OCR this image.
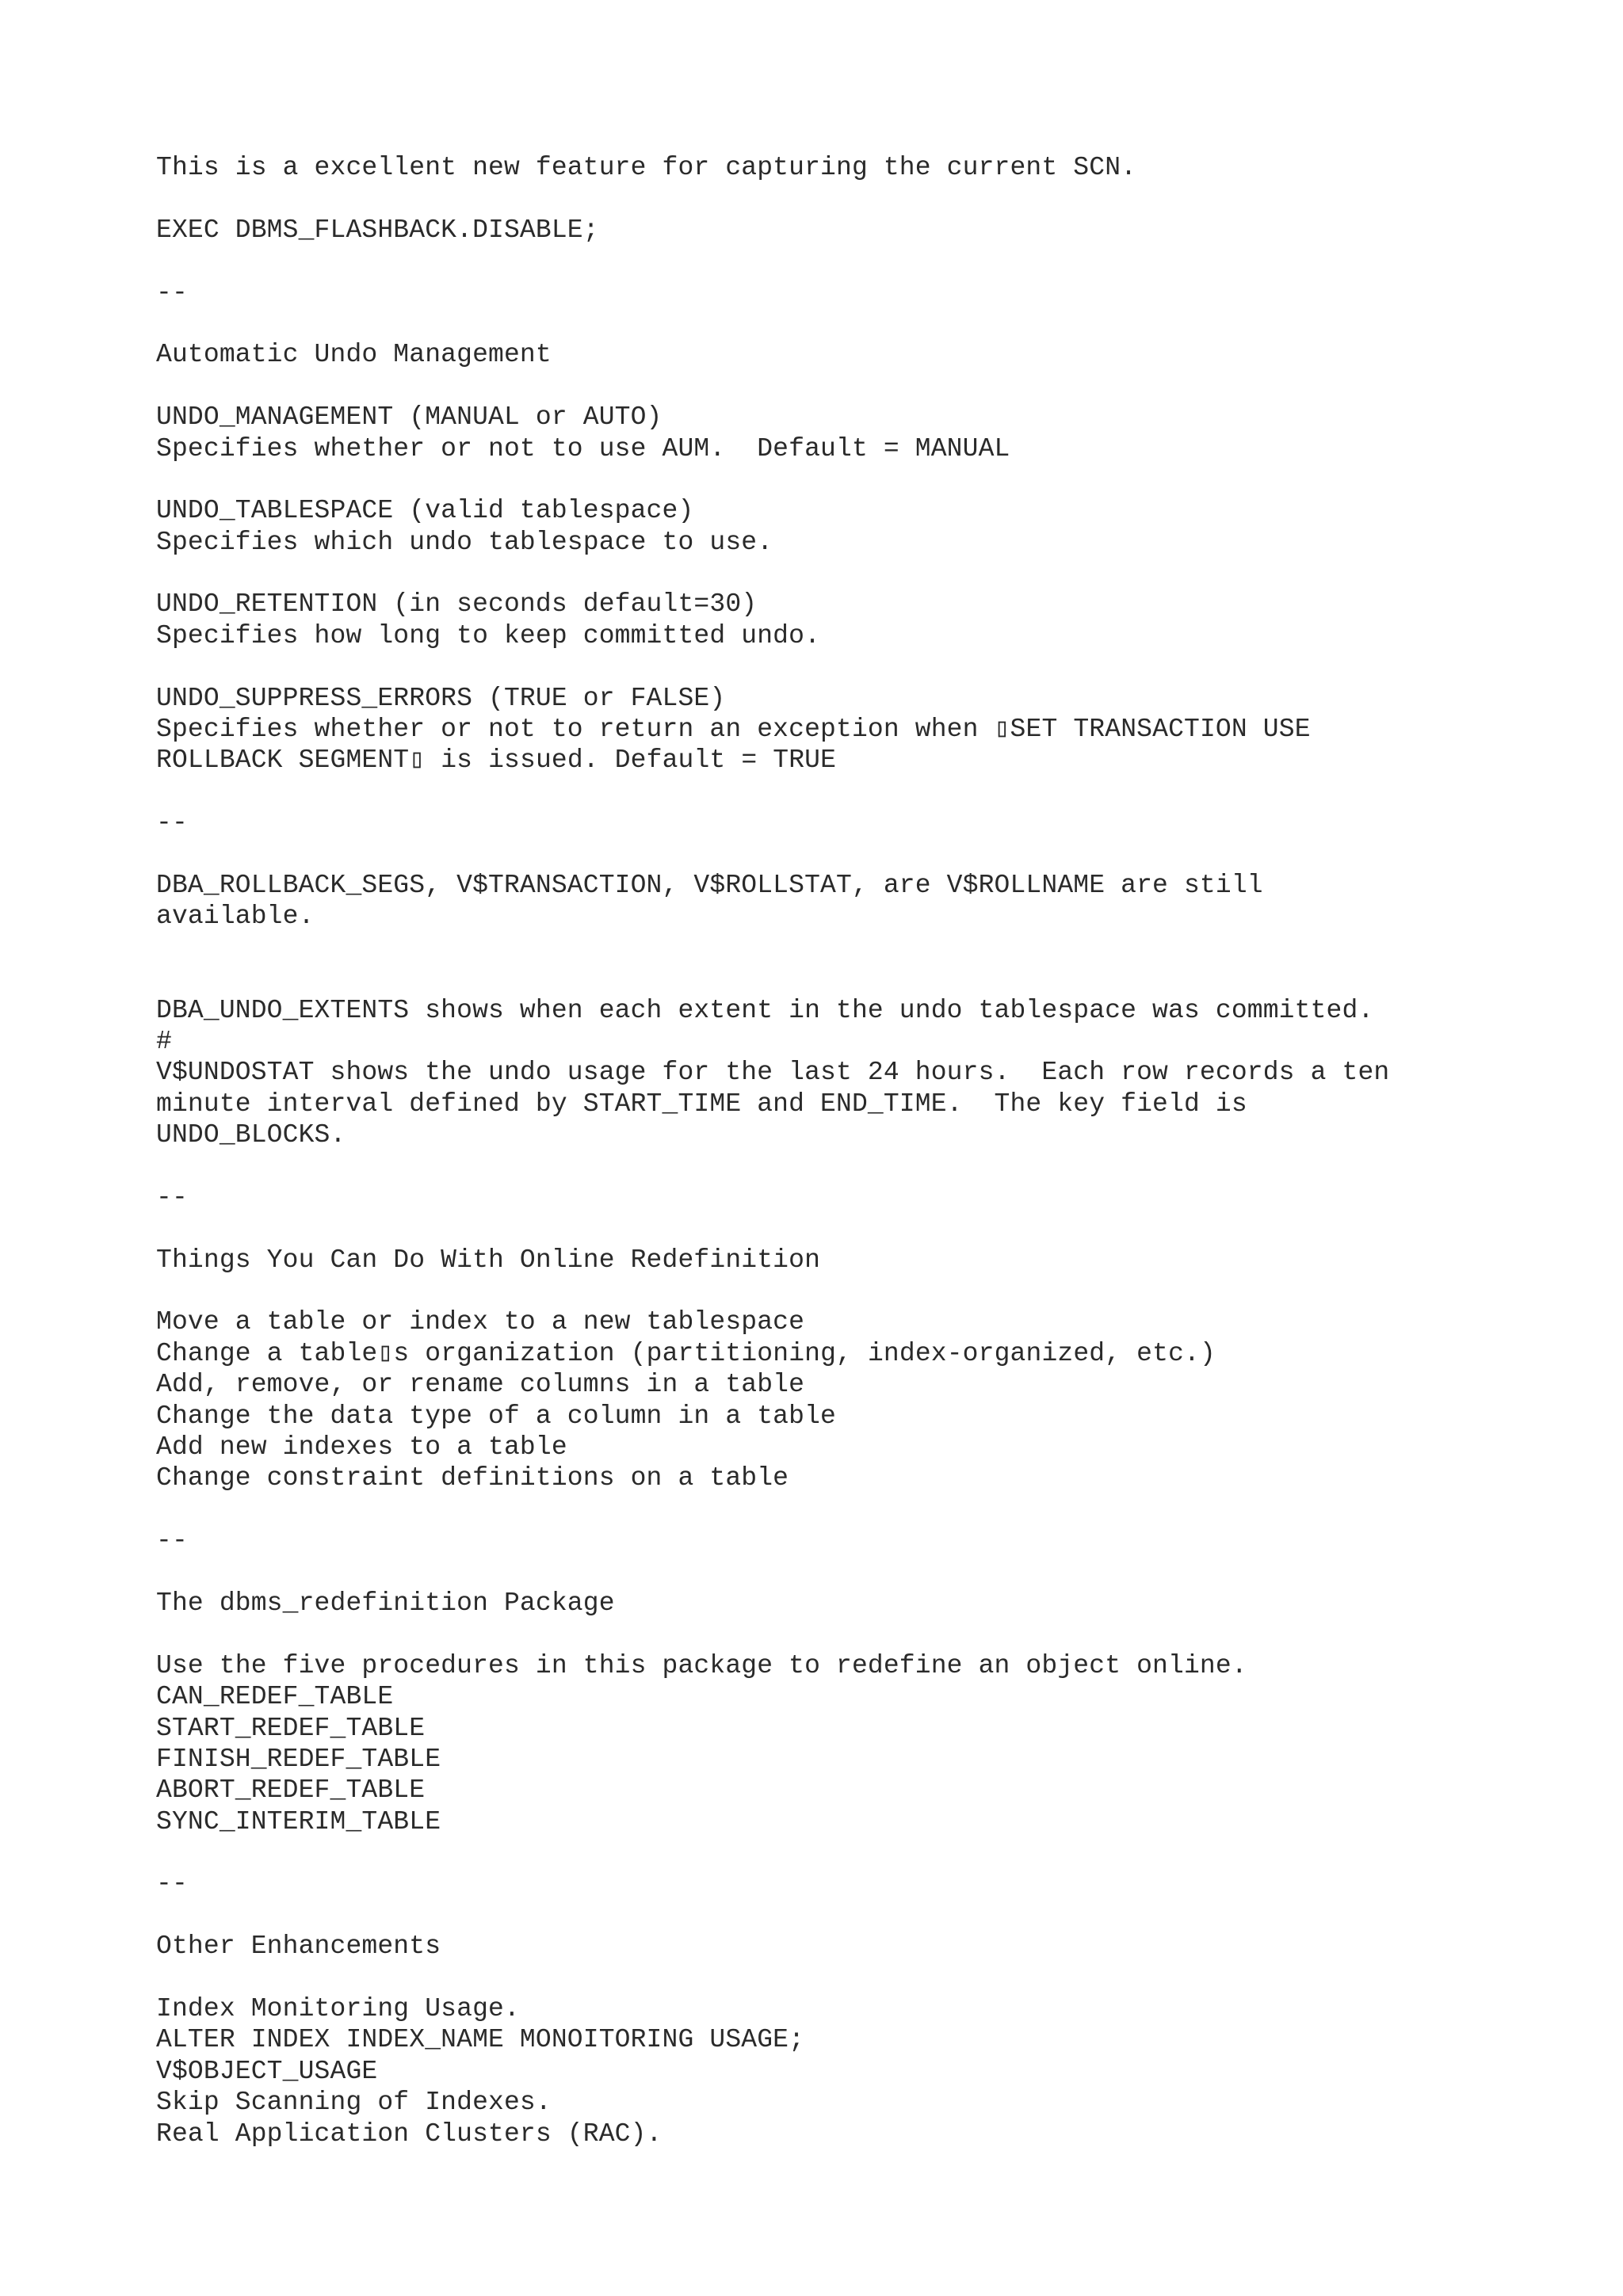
This is a excellent new feature for capturing the current SCN.
EXEC DBMS_FLASHBACK.DISABLE;
--
Automatic Undo Management
UNDO_MANAGEMENT (MANUAL or AUTO)
Specifies whether or not to use AUM.  Default = MANUAL
UNDO_TABLESPACE (valid tablespace)
Specifies which undo tablespace to use.
UNDO_RETENTION (in seconds default=30)
Specifies how long to keep committed undo.
UNDO_SUPPRESS_ERRORS (TRUE or FALSE)
Specifies whether or not to return an exception when ▯SET TRANSACTION USE
ROLLBACK SEGMENT▯ is issued. Default = TRUE
--
DBA_ROLLBACK_SEGS, V$TRANSACTION, V$ROLLSTAT, are V$ROLLNAME are still
available.
DBA_UNDO_EXTENTS shows when each extent in the undo tablespace was committed.
#
V$UNDOSTAT shows the undo usage for the last 24 hours.  Each row records a ten
minute interval defined by START_TIME and END_TIME.  The key field is
UNDO_BLOCKS.
--
Things You Can Do With Online Redefinition
Move a table or index to a new tablespace
Change a table▯s organization (partitioning, index-organized, etc.)
Add, remove, or rename columns in a table
Change the data type of a column in a table
Add new indexes to a table
Change constraint definitions on a table
--
The dbms_redefinition Package
Use the five procedures in this package to redefine an object online.
CAN_REDEF_TABLE
START_REDEF_TABLE
FINISH_REDEF_TABLE
ABORT_REDEF_TABLE
SYNC_INTERIM_TABLE
--
Other Enhancements
Index Monitoring Usage.
ALTER INDEX INDEX_NAME MONOITORING USAGE;
V$OBJECT_USAGE
Skip Scanning of Indexes.
Real Application Clusters (RAC).
